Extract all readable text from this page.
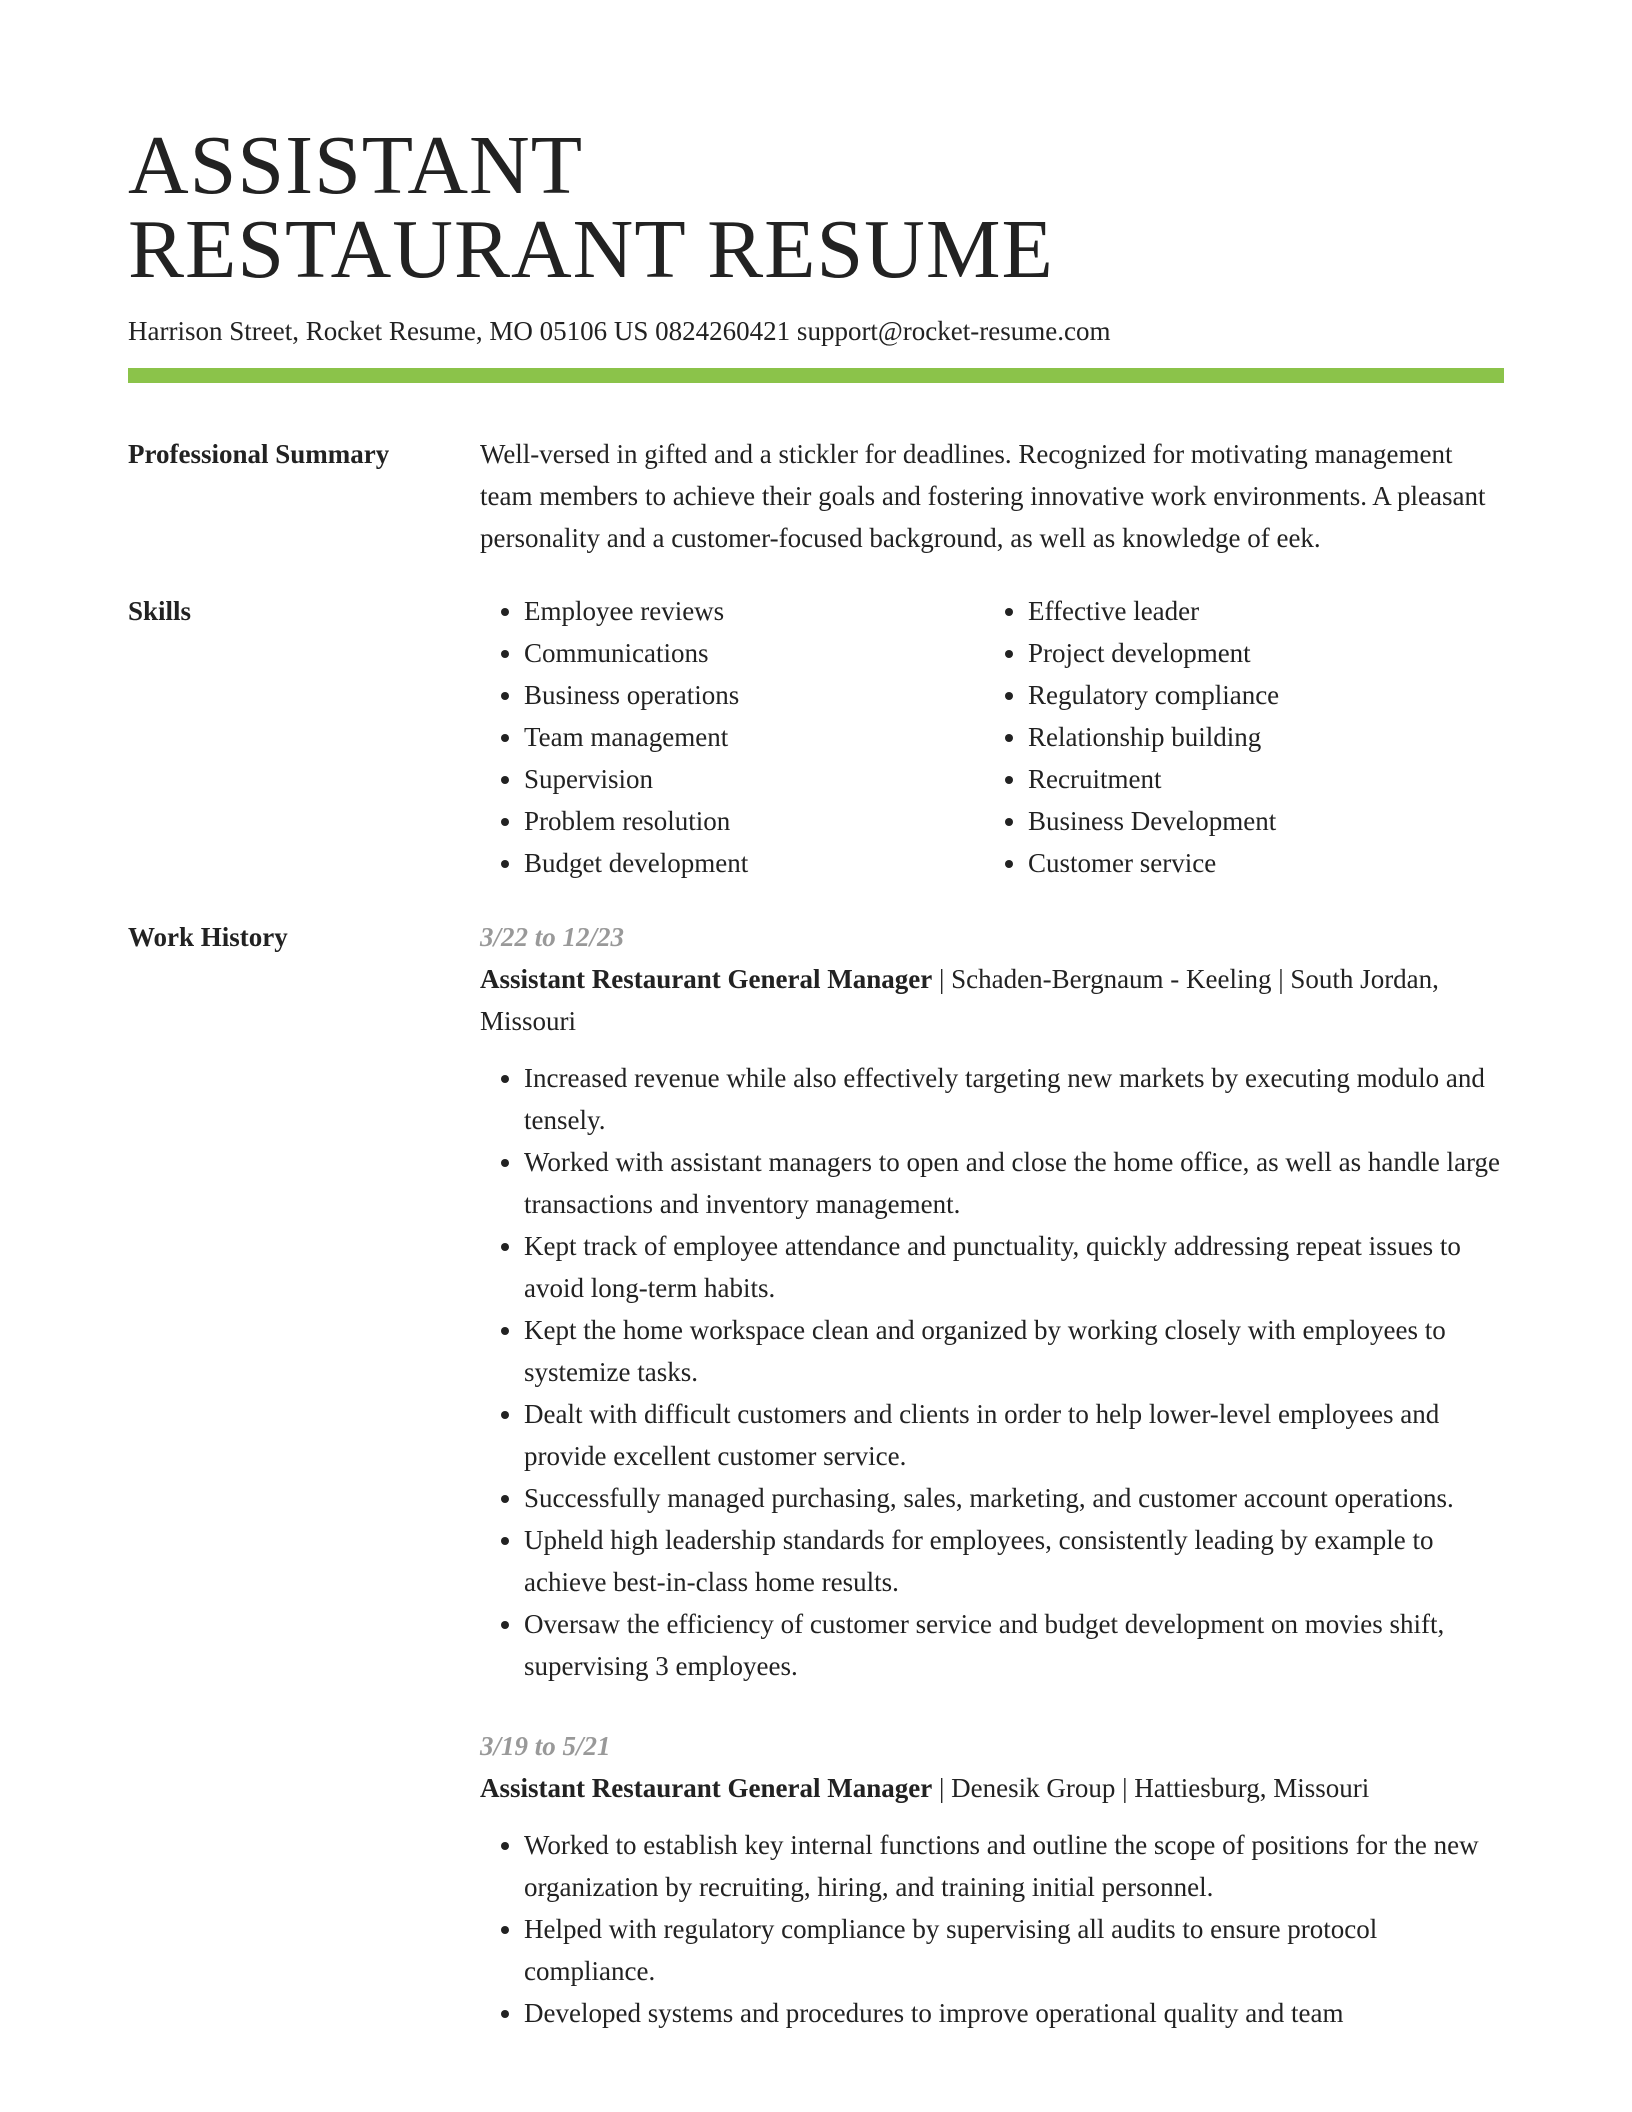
ASSISTANT
RESTAURANT RESUME
Harrison Street, Rocket Resume, MO 05106 US 0824260421 support@rocket-resume.com
Professional Summary	Well-versed in gifted and a stickler for deadlines. Recognized for motivating management team members to achieve their goals and fostering innovative work environments. A pleasant personality and a customer-focused background, as well as knowledge of eek.

Skills
•	Employee reviews
• Communications
• Business operations
• Team management
• Supervision
• Problem resolution
• Budget development
• Effective leader
• Project development
• Regulatory compliance
• Relationship building
• Recruitment
• Business Development
• Customer service
Work History	3/22 to 12/23
Assistant Restaurant General Manager | Schaden-Bergnaum - Keeling | South Jordan, Missouri
• Increased revenue while also effectively targeting new markets by executing modulo and tensely.
• Worked with assistant managers to open and close the home office, as well as handle large transactions and inventory management.
• Kept track of employee attendance and punctuality, quickly addressing repeat issues to avoid long-term habits.
• Kept the home workspace clean and organized by working closely with employees to systemize tasks.
• Dealt with difficult customers and clients in order to help lower-level employees and provide excellent customer service.
• Successfully managed purchasing, sales, marketing, and customer account operations.
• Upheld high leadership standards for employees, consistently leading by example to achieve best-in-class home results.
• Oversaw the efficiency of customer service and budget development on movies shift, supervising 3 employees.
3/19 to 5/21
Assistant Restaurant General Manager | Denesik Group | Hattiesburg, Missouri
• Worked to establish key internal functions and outline the scope of positions for the new organization by recruiting, hiring, and training initial personnel.
• Helped with regulatory compliance by supervising all audits to ensure protocol compliance.
• Developed systems and procedures to improve operational quality and team
